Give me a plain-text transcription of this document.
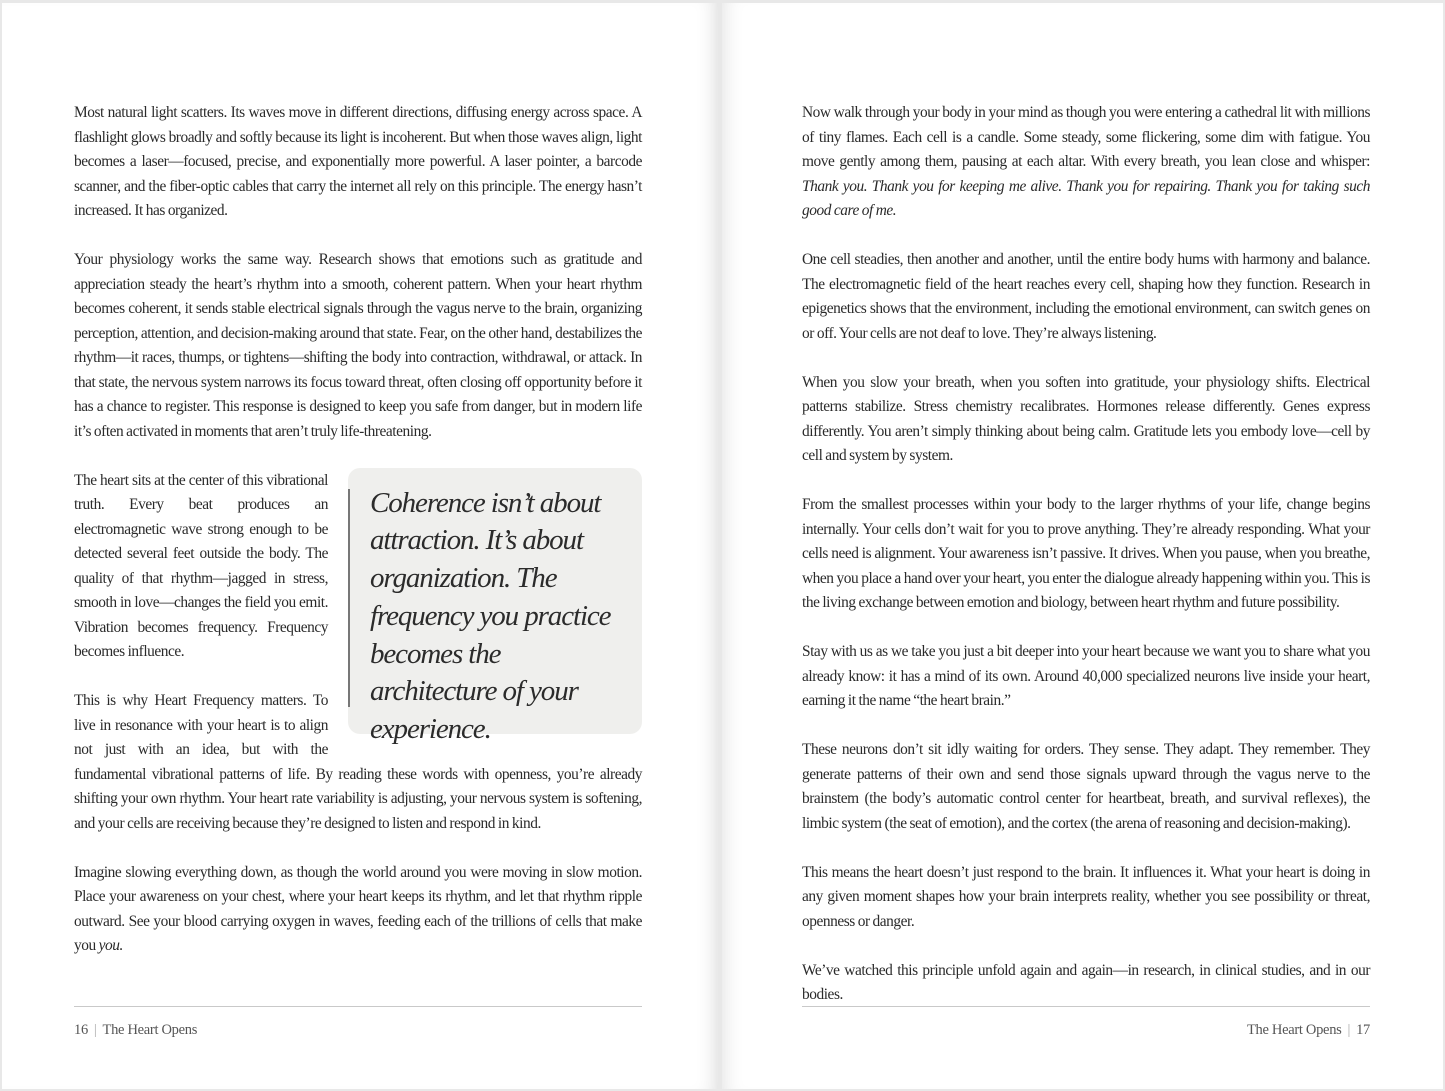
Most natural light scatters. Its waves move in different directions, diffusing energy across space. A flashlight glows broadly and softly because its light is incoherent. But when those waves align, light becomes a laser—focused, precise, and exponentially more powerful. A laser pointer, a barcode scanner, and the fiber-optic cables that carry the internet all rely on this principle. The energy hasn’t increased. It has organized.

Your physiology works the same way. Research shows that emotions such as gratitude and appreciation steady the heart’s rhythm into a smooth, coherent pattern. When your heart rhythm becomes coherent, it sends stable electrical signals through the vagus nerve to the brain, organizing perception, attention, and decision-making around that state. Fear, on the other hand, destabilizes the rhythm—it races, thumps, or tightens—shifting the body into contraction, withdrawal, or attack. In that state, the nervous system narrows its focus toward threat, often closing off opportunity before it has a chance to register. This response is designed to keep you safe from danger, but in modern life it’s often activated in moments that aren’t truly life-threatening.

Coherence isn’t about attraction. It’s about organization. The frequency you practice becomes the architecture of your experience.

The heart sits at the center of this vibrational truth. Every beat produces an electromagnetic wave strong enough to be detected several feet outside the body. The quality of that rhythm—jagged in stress, smooth in love—changes the field you emit. Vibration becomes frequency. Frequency becomes influence.

This is why Heart Frequency matters. To live in resonance with your heart is to align not just with an idea, but with the fundamental vibrational patterns of life. By reading these words with openness, you’re already shifting your own rhythm. Your heart rate variability is adjusting, your nervous system is softening, and your cells are receiving because they’re designed to listen and respond in kind.

Imagine slowing everything down, as though the world around you were moving in slow motion. Place your awareness on your chest, where your heart keeps its rhythm, and let that rhythm ripple outward. See your blood carrying oxygen in waves, feeding each of the trillions of cells that make you you.

16 | The Heart Opens

Now walk through your body in your mind as though you were entering a cathedral lit with millions of tiny flames. Each cell is a candle. Some steady, some flickering, some dim with fatigue. You move gently among them, pausing at each altar. With every breath, you lean close and whisper: Thank you. Thank you for keeping me alive. Thank you for repairing. Thank you for taking such good care of me.

One cell steadies, then another and another, until the entire body hums with harmony and balance. The electromagnetic field of the heart reaches every cell, shaping how they function. Research in epigenetics shows that the environment, including the emotional environment, can switch genes on or off. Your cells are not deaf to love. They’re always listening.

When you slow your breath, when you soften into gratitude, your physiology shifts. Electrical patterns stabilize. Stress chemistry recalibrates. Hormones release differently. Genes express differently. You aren’t simply thinking about being calm. Gratitude lets you embody love—cell by cell and system by system.

From the smallest processes within your body to the larger rhythms of your life, change begins internally. Your cells don’t wait for you to prove anything. They’re already responding. What your cells need is alignment. Your awareness isn’t passive. It drives. When you pause, when you breathe, when you place a hand over your heart, you enter the dialogue already happening within you. This is the living exchange between emotion and biology, between heart rhythm and future possibility.

Stay with us as we take you just a bit deeper into your heart because we want you to share what you already know: it has a mind of its own. Around 40,000 specialized neurons live inside your heart, earning it the name “the heart brain.”

These neurons don’t sit idly waiting for orders. They sense. They adapt. They remember. They generate patterns of their own and send those signals upward through the vagus nerve to the brainstem (the body’s automatic control center for heartbeat, breath, and survival reflexes), the limbic system (the seat of emotion), and the cortex (the arena of reasoning and decision-making).

This means the heart doesn’t just respond to the brain. It influences it. What your heart is doing in any given moment shapes how your brain interprets reality, whether you see possibility or threat, openness or danger.

We’ve watched this principle unfold again and again—in research, in clinical studies, and in our bodies.

The Heart Opens | 17
